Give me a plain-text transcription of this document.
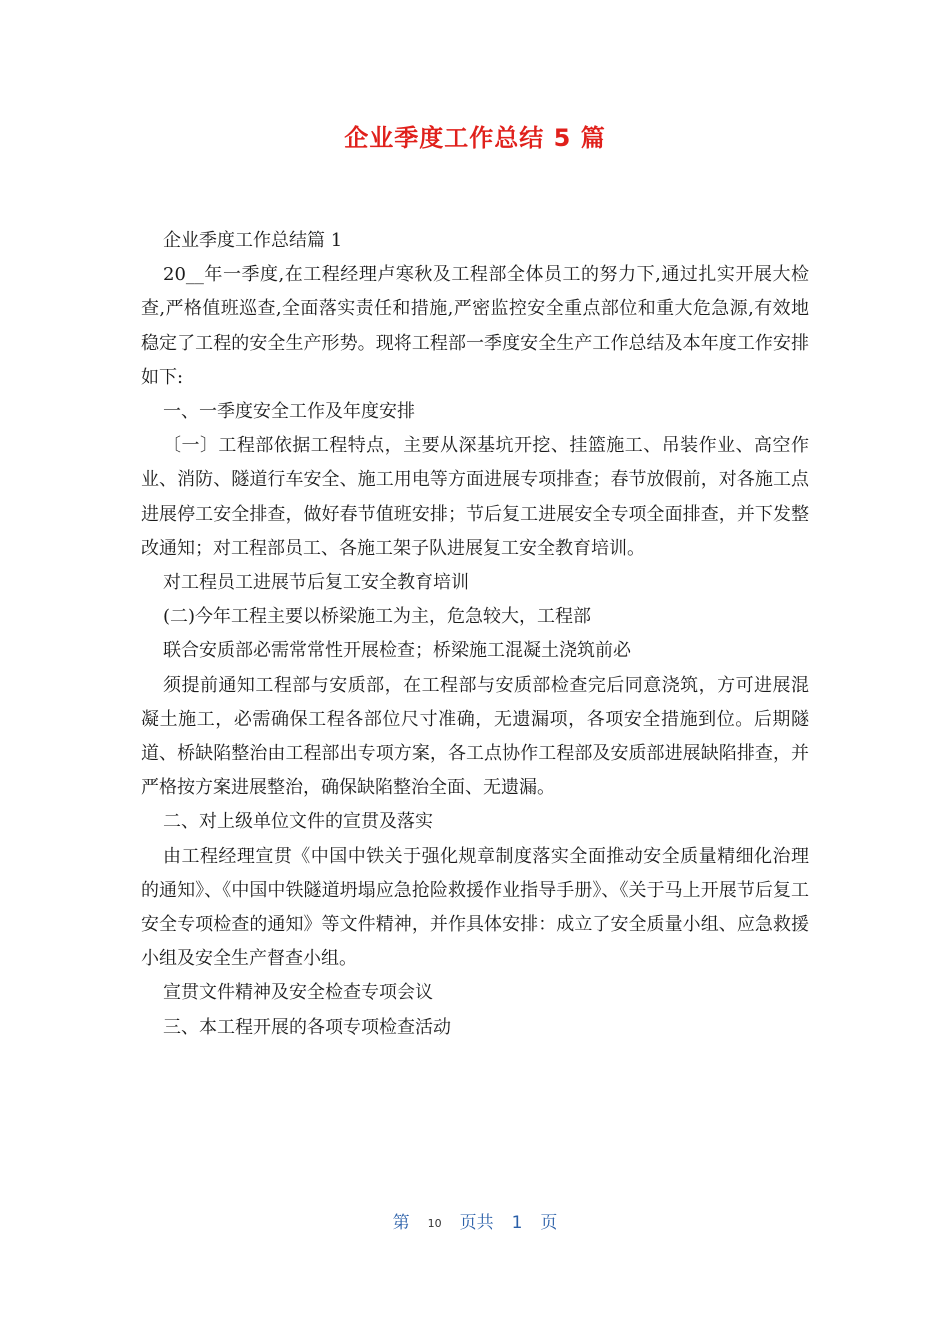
企业季度工作总结 5 篇

企业季度工作总结篇 1

20__年一季度,在工程经理卢寒秋及工程部全体员工的努力下,通过扎实开展大检查,严格值班巡查,全面落实责任和措施,严密监控安全重点部位和重大危急源,有效地稳定了工程的安全生产形势。现将工程部一季度安全生产工作总结及本年度工作安排如下:

一、一季度安全工作及年度安排

〔一〕工程部依据工程特点，主要从深基坑开挖、挂篮施工、吊装作业、高空作业、消防、隧道行车安全、施工用电等方面进展专项排查；春节放假前，对各施工点进展停工安全排查，做好春节值班安排；节后复工进展安全专项全面排查，并下发整改通知；对工程部员工、各施工架子队进展复工安全教育培训。

对工程员工进展节后复工安全教育培训

(二)今年工程主要以桥梁施工为主，危急较大，工程部

联合安质部必需常常性开展检查；桥梁施工混凝土浇筑前必

须提前通知工程部与安质部，在工程部与安质部检查完后同意浇筑，方可进展混凝土施工，必需确保工程各部位尺寸准确，无遗漏项，各项安全措施到位。后期隧道、桥缺陷整治由工程部出专项方案，各工点协作工程部及安质部进展缺陷排查，并严格按方案进展整治，确保缺陷整治全面、无遗漏。

二、对上级单位文件的宣贯及落实

由工程经理宣贯《中国中铁关于强化规章制度落实全面推动安全质量精细化治理的通知》、《中国中铁隧道坍塌应急抢险救援作业指导手册》、《关于马上开展节后复工安全专项检查的通知》等文件精神，并作具体安排：成立了安全质量小组、应急救援小组及安全生产督查小组。

宣贯文件精神及安全检查专项会议

三、本工程开展的各项专项检查活动

第 10 页共 1 页
